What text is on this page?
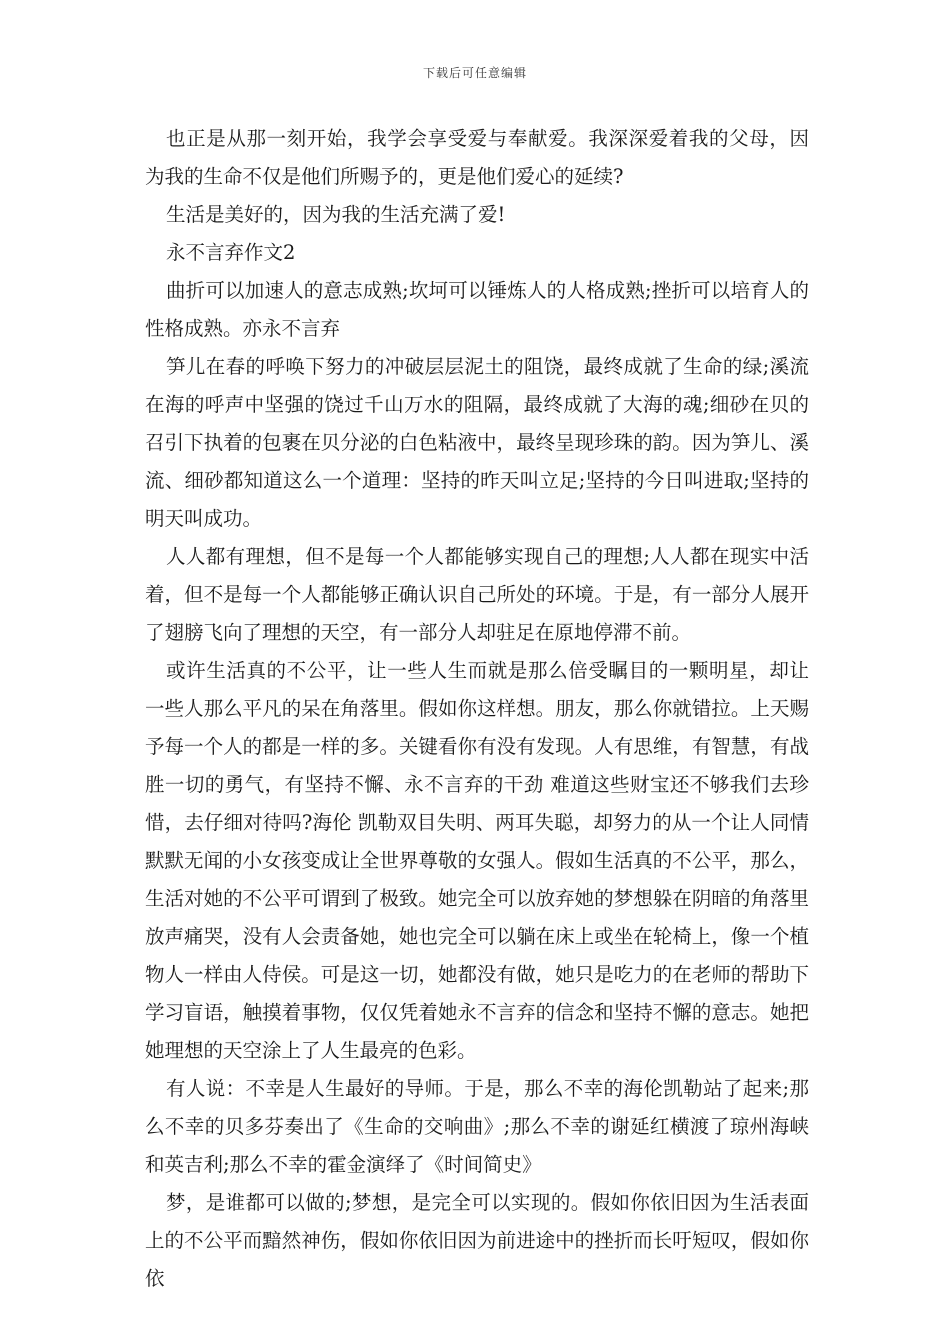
下载后可任意编辑

也正是从那一刻开始，我学会享受爱与奉献爱。我深深爱着我的父母，因为我的生命不仅是他们所赐予的，更是他们爱心的延续?

生活是美好的，因为我的生活充满了爱!

永不言弃作文2

曲折可以加速人的意志成熟;坎坷可以锤炼人的人格成熟;挫折可以培育人的性格成熟。亦永不言弃

笋儿在春的呼唤下努力的冲破层层泥土的阻饶，最终成就了生命的绿;溪流在海的呼声中坚强的饶过千山万水的阻隔，最终成就了大海的魂;细砂在贝的召引下执着的包裹在贝分泌的白色粘液中，最终呈现珍珠的韵。因为笋儿、溪流、细砂都知道这么一个道理：坚持的昨天叫立足;坚持的今日叫进取;坚持的明天叫成功。

人人都有理想，但不是每一个人都能够实现自己的理想;人人都在现实中活着，但不是每一个人都能够正确认识自己所处的环境。于是，有一部分人展开了翅膀飞向了理想的天空，有一部分人却驻足在原地停滞不前。

或许生活真的不公平，让一些人生而就是那么倍受瞩目的一颗明星，却让一些人那么平凡的呆在角落里。假如你这样想。朋友，那么你就错拉。上天赐予每一个人的都是一样的多。关键看你有没有发现。人有思维，有智慧，有战胜一切的勇气，有坚持不懈、永不言弃的干劲 难道这些财宝还不够我们去珍惜，去仔细对待吗?海伦 凯勒双目失明、两耳失聪，却努力的从一个让人同情默默无闻的小女孩变成让全世界尊敬的女强人。假如生活真的不公平，那么，生活对她的不公平可谓到了极致。她完全可以放弃她的梦想躲在阴暗的角落里放声痛哭，没有人会责备她，她也完全可以躺在床上或坐在轮椅上，像一个植物人一样由人侍侯。可是这一切，她都没有做，她只是吃力的在老师的帮助下学习盲语，触摸着事物，仅仅凭着她永不言弃的信念和坚持不懈的意志。她把她理想的天空涂上了人生最亮的色彩。

有人说：不幸是人生最好的导师。于是，那么不幸的海伦凯勒站了起来;那么不幸的贝多芬奏出了《生命的交响曲》;那么不幸的谢延红横渡了琼州海峡和英吉利;那么不幸的霍金演绎了《时间简史》

梦，是谁都可以做的;梦想，是完全可以实现的。假如你依旧因为生活表面上的不公平而黯然神伤，假如你依旧因为前进途中的挫折而长吁短叹，假如你依
